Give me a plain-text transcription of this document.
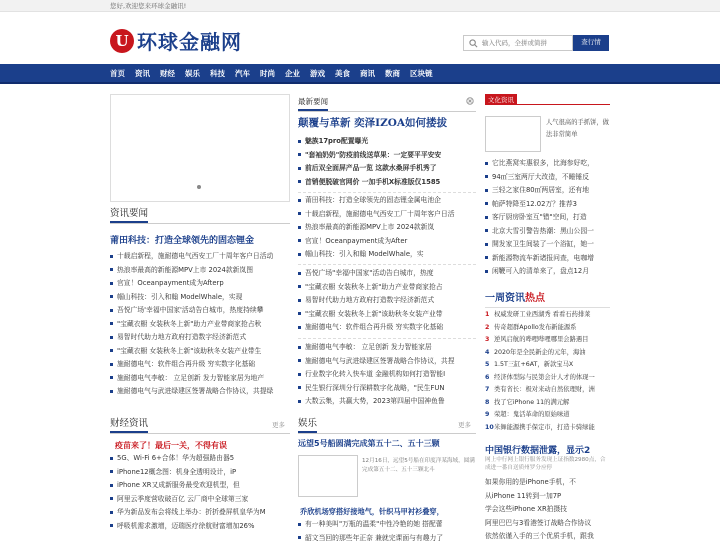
您好,欢迎您来环球金融讯!
U 环球金融网
输入代码，全拼或简拼	查行情
首页 资讯 财经 娱乐 科技 汽车 时尚 企业 游戏 美食 商讯 数商 区块链
资讯要闻
莆田科技：打造全球领先的固态锂金
十载启新程，施耐德电气西安工厂十周年客户日活动
热浪率最高的新能源MPV上市 2024款新岚图
官宣！Oceanpayment成为Afterp
帼山科技：引入和翰 ModelWhale，实现
吾悦广场'幸福中国家'活动告白城市，热度持续攀
"宝藏衣橱 女装秋冬上新"助力产业带商家抢占秋
易智时代助力地方政府打造数字经济新范式
"宝藏衣橱 女装秋冬上新"该助秋冬女装产业带生
施耐德电气：软件组合再升级 穷实数字化基础
施耐德电气李敏： 立足创新 发力智能家居为地产
施耐德电气与武进绿建区签署战略合作协议，共提绿
财经资讯	更多
疫苗来了！最后一关，不得有误
5G、Wi-Fi 6+合体！华为超强路由器5
iPhone12概念图：机身全透明设计，iP
iPhone XR又成新服务最受欢迎机型，但
阿里云季度营收破百亿 云厂商中全球第三家
华为新品发布会将线上举办：折折叠屏机皇华为M
呼吸机需求激增，迈瑞医疗徐航财富增加26%
最新要闻
颠覆与革新 奕泽IZOA如何搂拔
魅族17pro配置曝光
"套袖奶奶"防疫前线送草果：一定要平平安安
前后双全面屏产品一览 这款水桑屏手机秀了
首销便脱破官网价 一加手机X标准版仅1585
莆田科技：打造全球领先的固态锂金属电池企
十载启新程，施耐德电气西安工厂十周年客户日活
热浪率最高的新能源MPV上市 2024款新岚
官宣！Oceanpayment成为After
帼山科技：引入和翰 ModelWhale，实
吾悦广场"幸福中国家"活动告白城市，热度
"宝藏衣橱 女装秋冬上新"助力产业带商家抢占
易智时代助力地方政府打造数字经济新范式
"宝藏衣橱 女装秋冬上新"该助秋冬女装产业带
施耐德电气：软件组合再升级 穷实数字化基础
施耐德电气李敏： 立足创新 发力智能家居
施耐德电气与武进绿建区签署战略合作协议，共捏
行业数字化转入快车道 金融机构如何打造智能I
民生银行深圳分行深耕数字化战略，"民生FUN
大数云集，共赢大势，2023第四届中国神鱼鲁
娱乐	更多
远望5号船圆满完成第五十二、五十三颗
12月16日，远望5号船在印度洋某海域，圆满完成第五十二、五十三颗北斗
乔欣机场穿搭好接地气，针织马甲衬衫叠穿，
有一种美叫"万瓶的温柔"中性冷艳的她 搭配蕾
韶文当回的那些年正奈 兼就完课面与有趣力了
文化资讯
人气很高的手抓饼，做法非常简单
它比燕窝实惠很多，比海参好吃，
94㎡三室两厅大改造，不睡锤反
三轻之家住80㎡两居室，还有地
帕萨特降至12.02万？推荐3
客厅厨房卧室互"错"空间，打造
北京大雪引警告热潮：黑山公园一
開发家卫生间装了一个浴缸，她一
新能源物流车新诸报问查，电咖增
闲鞭可入的清单来了，盘点12月
一周资讯热点
1 权威发研工业西湖秀 看看石药排莱
2 传奇超群Apollo发布新能源系
3 逆风启航的哔哩哔哩哪里会路遇目
4 2020年是全民新企的元年，海油
5 1.5T三缸+6AT，新款宝马X
6 经济体型际与民第会计人才的体现一
7 类有省长：极对来动自然依理财，洲
8 找了它iPhone 11的满元解
9 荣超：鬼活革命的原始味道
10米舞能源携手保定市，打造卡骑绿能
中国银行数据泄露，显示2
网上中行网上银行服务发现上证指数2980点，合成进一番自送质州罗分应停
如果你用的是iPhone手机，不
从iPhone 11转到一加7P
学会这些iPhone XR拍摄技
阿里巴巴与3看港签订战略合作协议
依然依谨入手的三个优质手机，跟我
